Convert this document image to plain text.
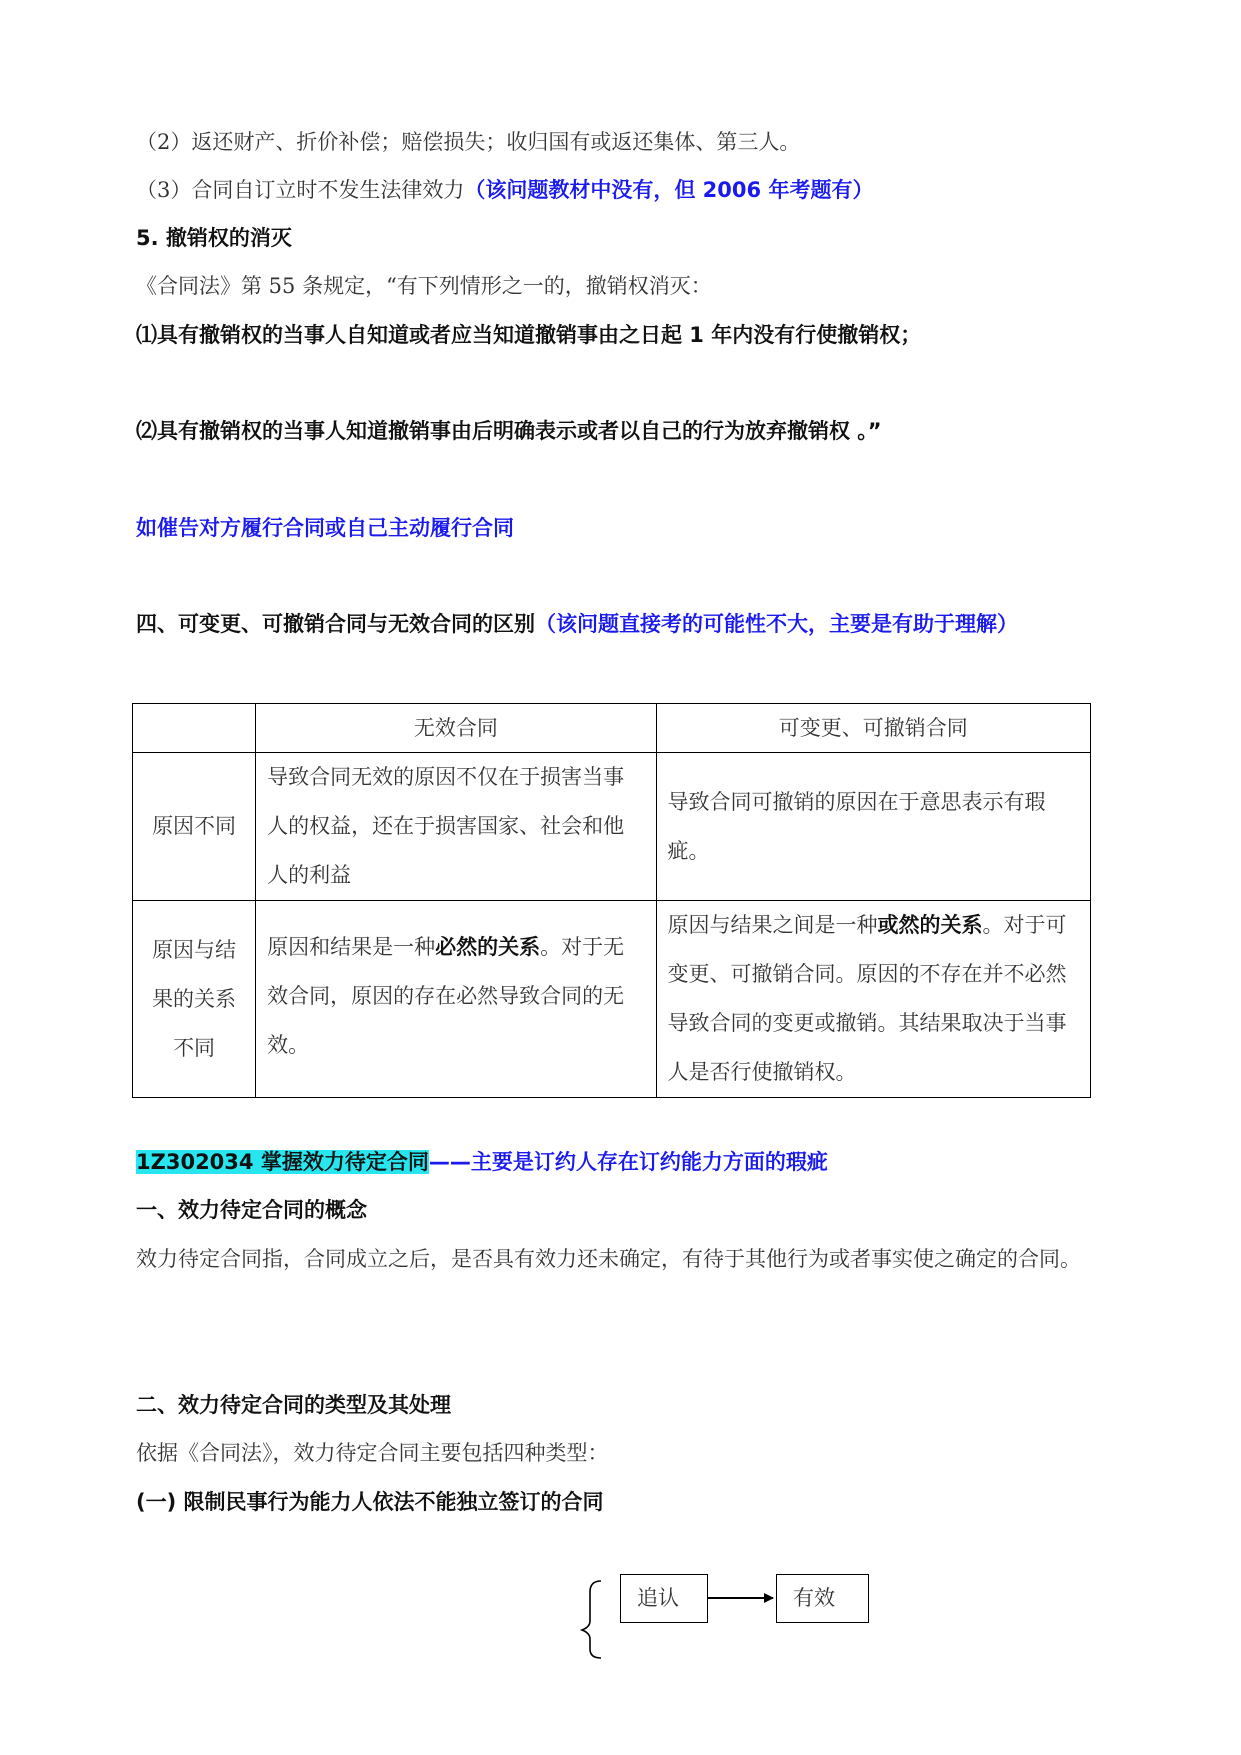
（2）返还财产、折价补偿；赔偿损失；收归国有或返还集体、第三人。
（3）合同自订立时不发生法律效力（该问题教材中没有，但 2006 年考题有）
5. 撤销权的消灭
《合同法》第 55 条规定，“有下列情形之一的，撤销权消灭：
⑴具有撤销权的当事人自知道或者应当知道撤销事由之日起 1 年内没有行使撤销权；
⑵具有撤销权的当事人知道撤销事由后明确表示或者以自己的行为放弃撤销权 。”
如催告对方履行合同或自己主动履行合同
四、可变更、可撤销合同与无效合同的区别（该问题直接考的可能性不大，主要是有助于理解）
	无效合同	可变更、可撤销合同
原因不同	导致合同无效的原因不仅在于损害当事人的权益，还在于损害国家、社会和他人的利益	导致合同可撤销的原因在于意思表示有瑕疵。
原因与结果的关系不同	原因和结果是一种必然的关系。对于无效合同，原因的存在必然导致合同的无效。	原因与结果之间是一种或然的关系。对于可变更、可撤销合同。原因的不存在并不必然导致合同的变更或撤销。其结果取决于当事人是否行使撤销权。
1Z302034 掌握效力待定合同——主要是订约人存在订约能力方面的瑕疵
一、效力待定合同的概念
效力待定合同指，合同成立之后，是否具有效力还未确定，有待于其他行为或者事实使之确定的合同。
二、效力待定合同的类型及其处理
依据《合同法》，效力待定合同主要包括四种类型：
(一) 限制民事行为能力人依法不能独立签订的合同
追认	有效
